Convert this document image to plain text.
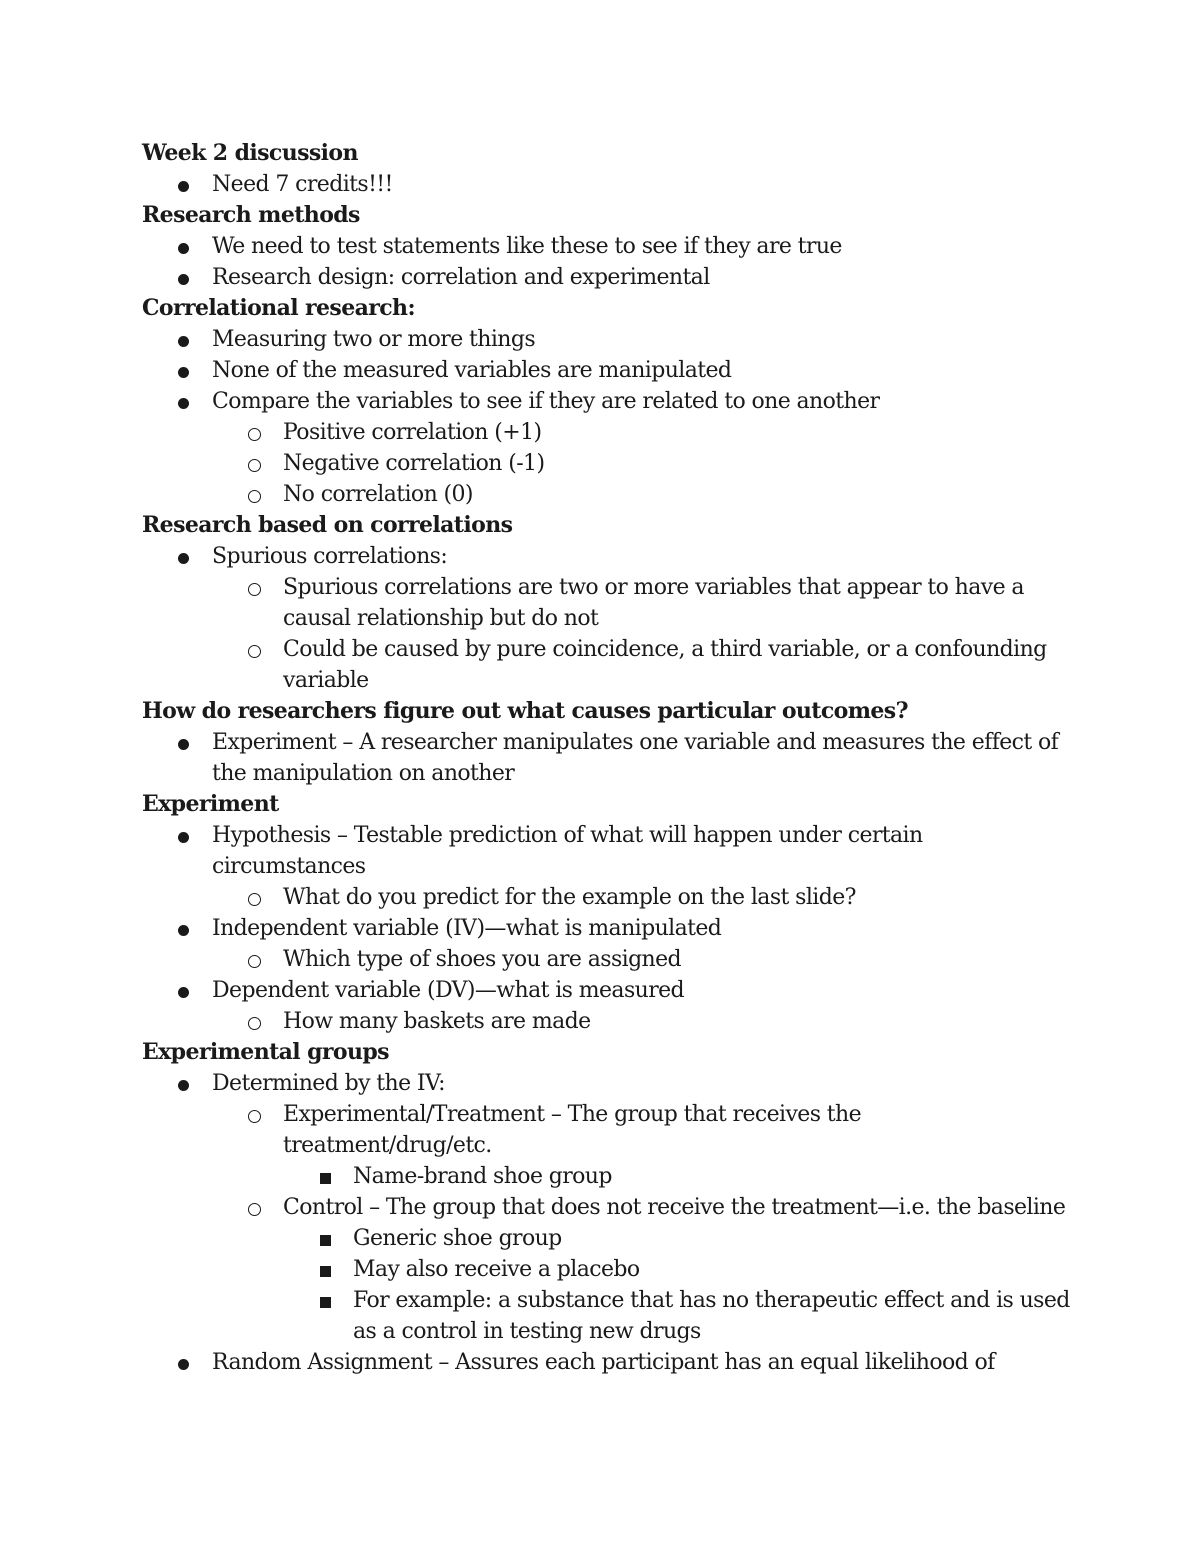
Week 2 discussion
Need 7 credits!!!
Research methods
We need to test statements like these to see if they are true
Research design: correlation and experimental
Correlational research:
Measuring two or more things
None of the measured variables are manipulated
Compare the variables to see if they are related to one another
Positive correlation (+1)
Negative correlation (-1)
No correlation (0)
Research based on correlations
Spurious correlations:
Spurious correlations are two or more variables that appear to have a causal relationship but do not
Could be caused by pure coincidence, a third variable, or a confounding variable
How do researchers figure out what causes particular outcomes?
Experiment – A researcher manipulates one variable and measures the effect of the manipulation on another
Experiment
Hypothesis – Testable prediction of what will happen under certain circumstances
What do you predict for the example on the last slide?
Independent variable (IV)—what is manipulated
Which type of shoes you are assigned
Dependent variable (DV)—what is measured
How many baskets are made
Experimental groups
Determined by the IV:
Experimental/Treatment – The group that receives the treatment/drug/etc.
Name-brand shoe group
Control – The group that does not receive the treatment—i.e. the baseline
Generic shoe group
May also receive a placebo
For example: a substance that has no therapeutic effect and is used as a control in testing new drugs
Random Assignment – Assures each participant has an equal likelihood of
